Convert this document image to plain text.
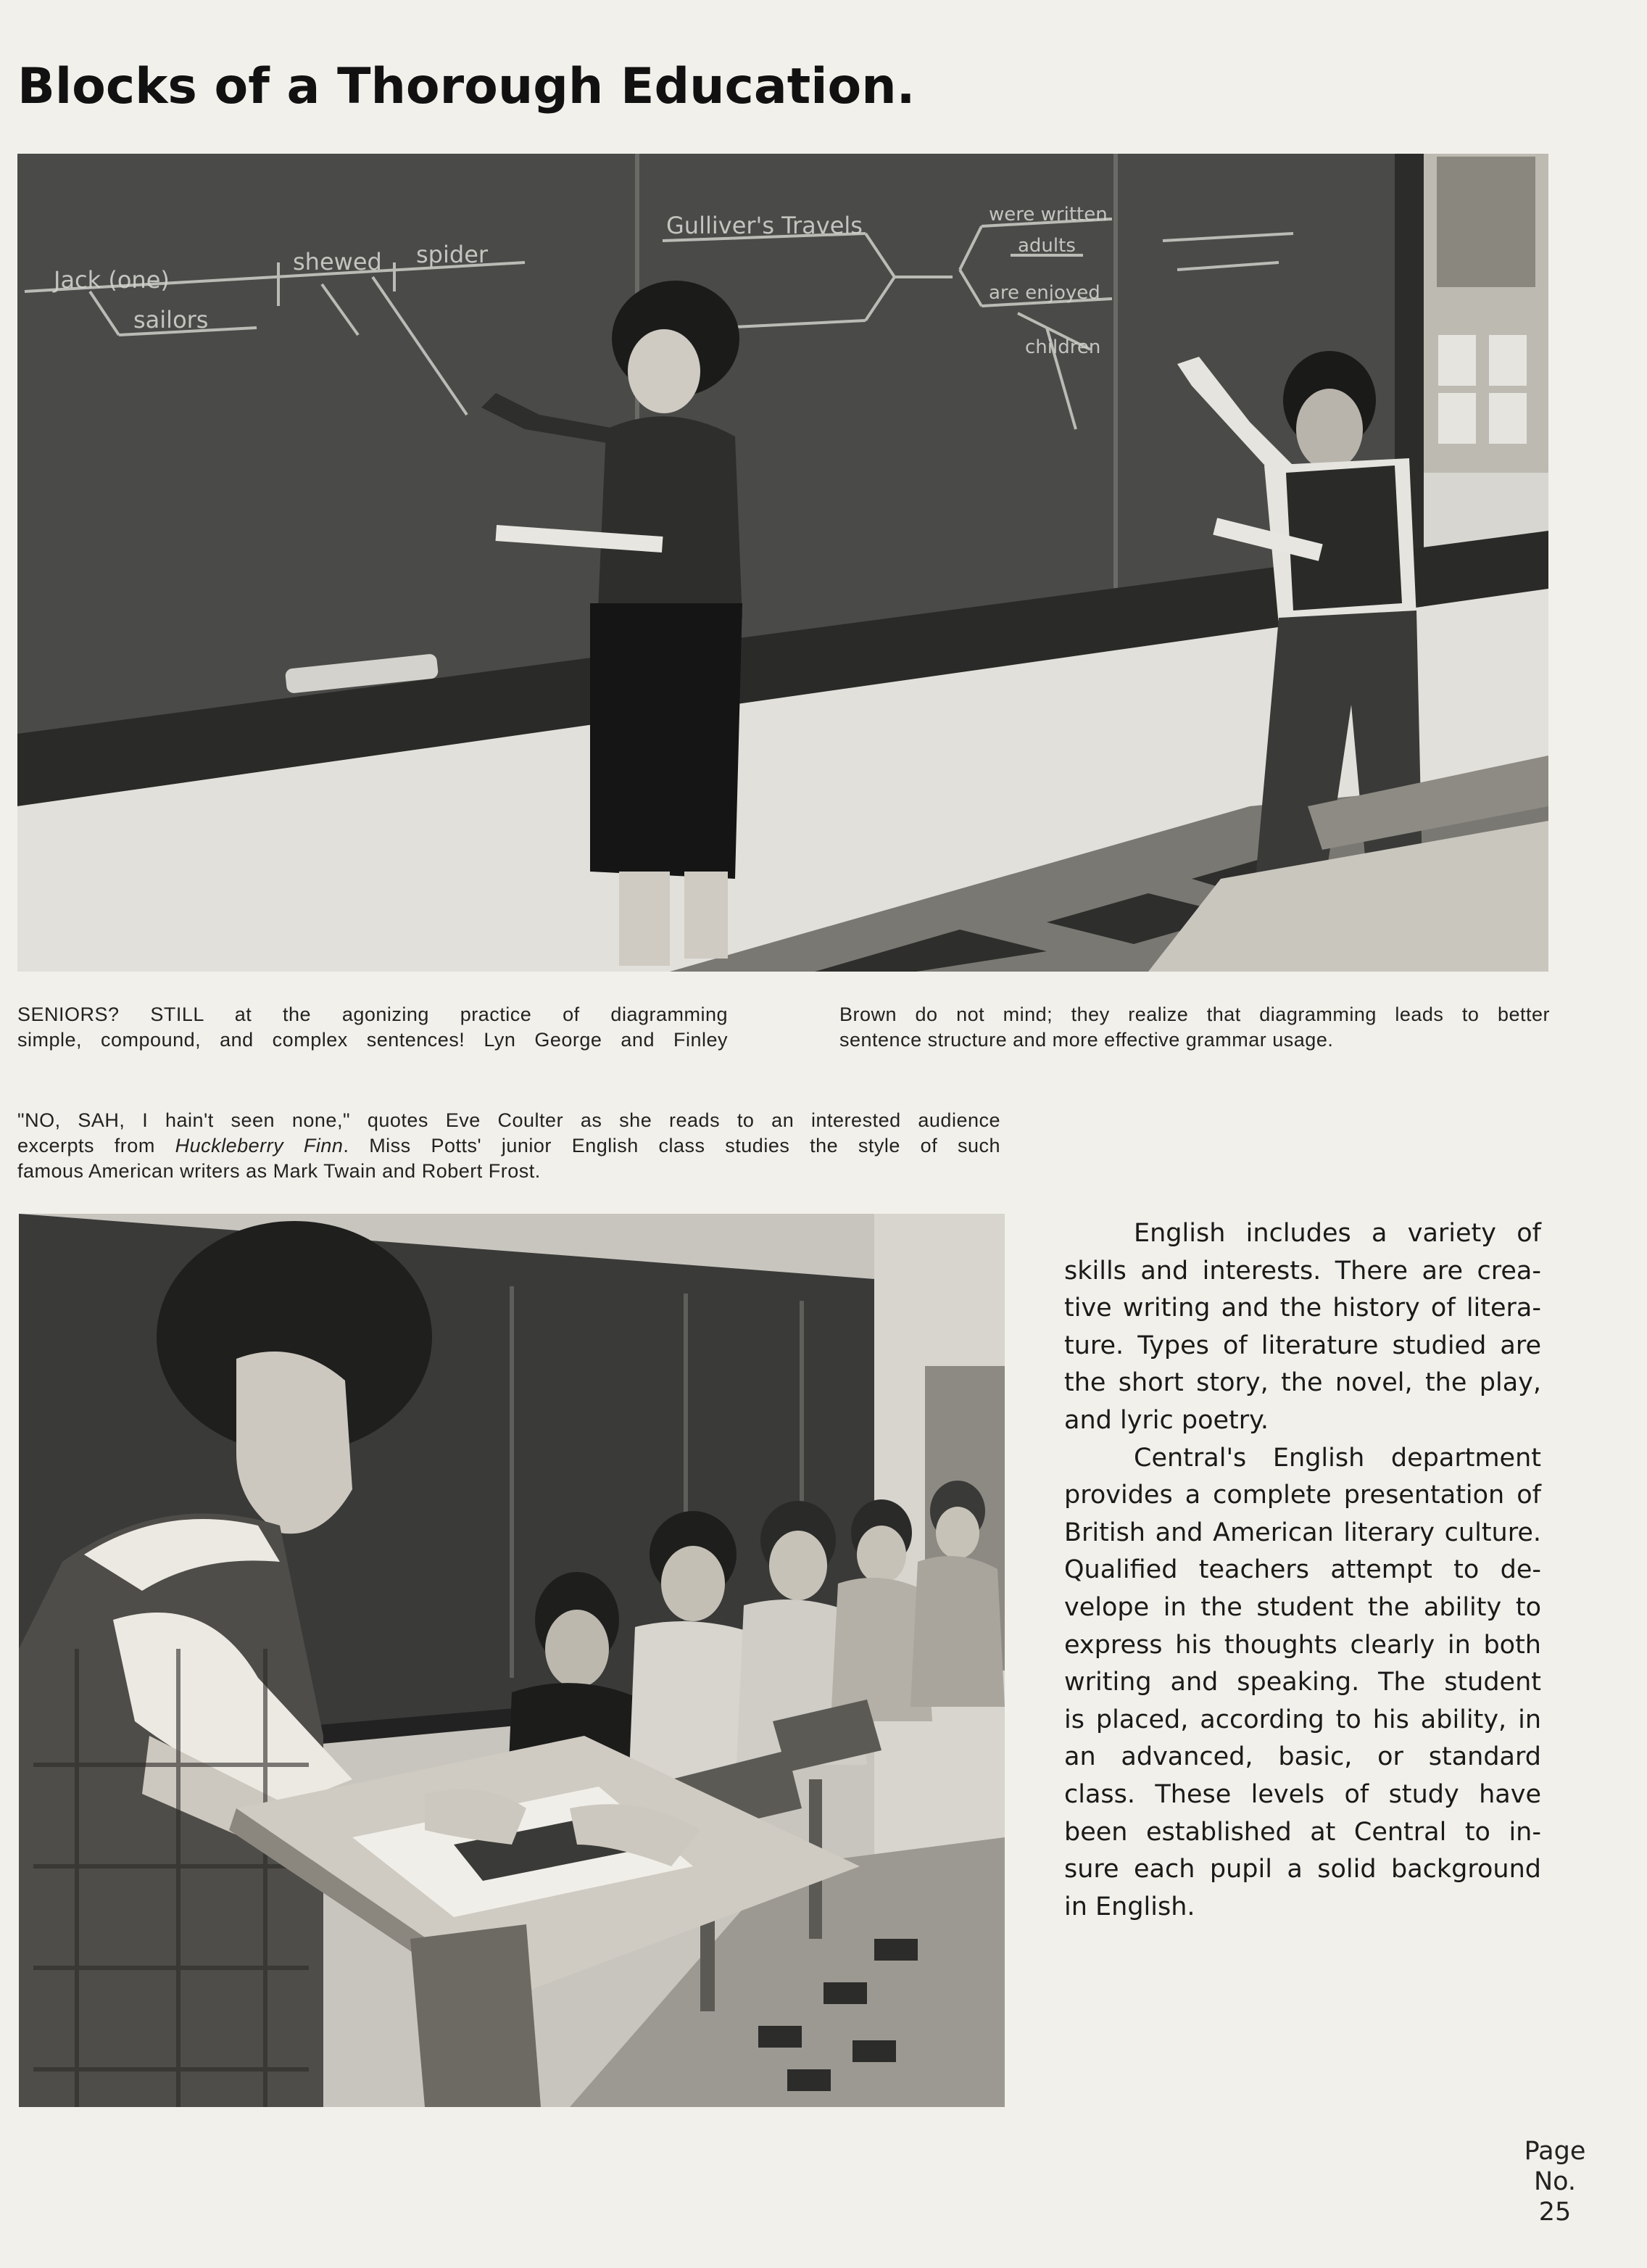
Blocks of a Thorough Education.
Jack (one)
shewed spider
sailors
Gulliver's Travels	were written
are enjoyed
adults
children
SENIORS? STILL at the agonizing practice of diagramming
simple, compound, and complex sentences! Lyn George and Finley
Brown do not mind; they realize that diagramming leads to better
sentence structure and more effective grammar usage.
"NO, SAH, I hain't seen none," quotes Eve Coulter as she reads to an interested audience
excerpts from Huckleberry Finn. Miss Potts' junior English class studies the style of such
famous American writers as Mark Twain and Robert Frost.
English includes a variety of
skills and interests. There are crea-
tive writing and the history of litera-
ture. Types of literature studied are
the short story, the novel, the play,
and lyric poetry.
Central's English department
provides a complete presentation of
British and American literary culture.
Qualified teachers attempt to de-
velope in the student the ability to
express his thoughts clearly in both
writing and speaking. The student
is placed, according to his ability, in
an advanced, basic, or standard
class. These levels of study have
been established at Central to in-
sure each pupil a solid background
in English.
Page
No.
25
